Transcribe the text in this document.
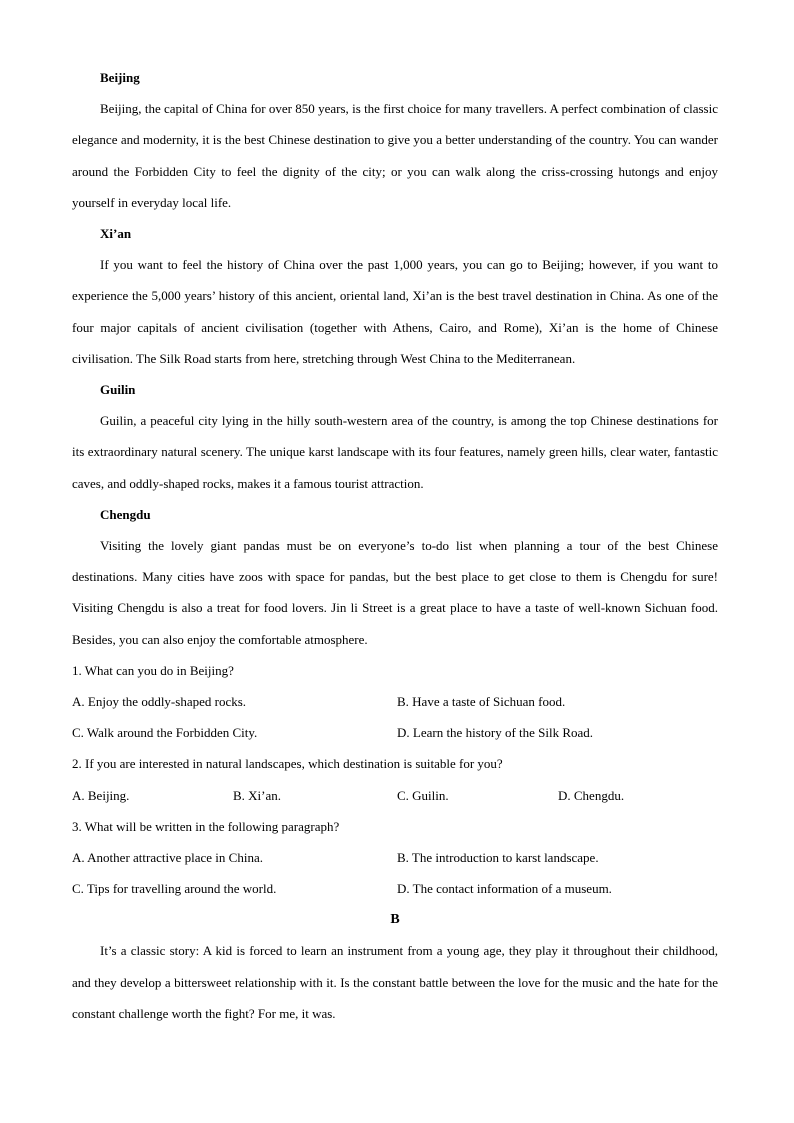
Beijing

Beijing, the capital of China for over 850 years, is the first choice for many travellers. A perfect combination of classic elegance and modernity, it is the best Chinese destination to give you a better understanding of the country. You can wander around the Forbidden City to feel the dignity of the city; or you can walk along the criss-crossing hutongs and enjoy yourself in everyday local life.

Xi’an

If you want to feel the history of China over the past 1,000 years, you can go to Beijing; however, if you want to experience the 5,000 years’ history of this ancient, oriental land, Xi’an is the best travel destination in China. As one of the four major capitals of ancient civilisation (together with Athens, Cairo, and Rome), Xi’an is the home of Chinese civilisation. The Silk Road starts from here, stretching through West China to the Mediterranean.

Guilin

Guilin, a peaceful city lying in the hilly south-western area of the country, is among the top Chinese destinations for its extraordinary natural scenery. The unique karst landscape with its four features, namely green hills, clear water, fantastic caves, and oddly-shaped rocks, makes it a famous tourist attraction.

Chengdu

Visiting the lovely giant pandas must be on everyone’s to-do list when planning a tour of the best Chinese destinations. Many cities have zoos with space for pandas, but the best place to get close to them is Chengdu for sure! Visiting Chengdu is also a treat for food lovers. Jin li Street is a great place to have a taste of well-known Sichuan food. Besides, you can also enjoy the comfortable atmosphere.

1. What can you do in Beijing?

A. Enjoy the oddly-shaped rocks.	B. Have a taste of Sichuan food.
C. Walk around the Forbidden City.	D. Learn the history of the Silk Road.

2. If you are interested in natural landscapes, which destination is suitable for you?

A. Beijing.	B. Xi’an.	C. Guilin.	D. Chengdu.

3. What will be written in the following paragraph?

A. Another attractive place in China.	B. The introduction to karst landscape.
C. Tips for travelling around the world.	D. The contact information of a museum.

B

It’s a classic story: A kid is forced to learn an instrument from a young age, they play it throughout their childhood, and they develop a bittersweet relationship with it. Is the constant battle between the love for the music and the hate for the constant challenge worth the fight? For me, it was.
